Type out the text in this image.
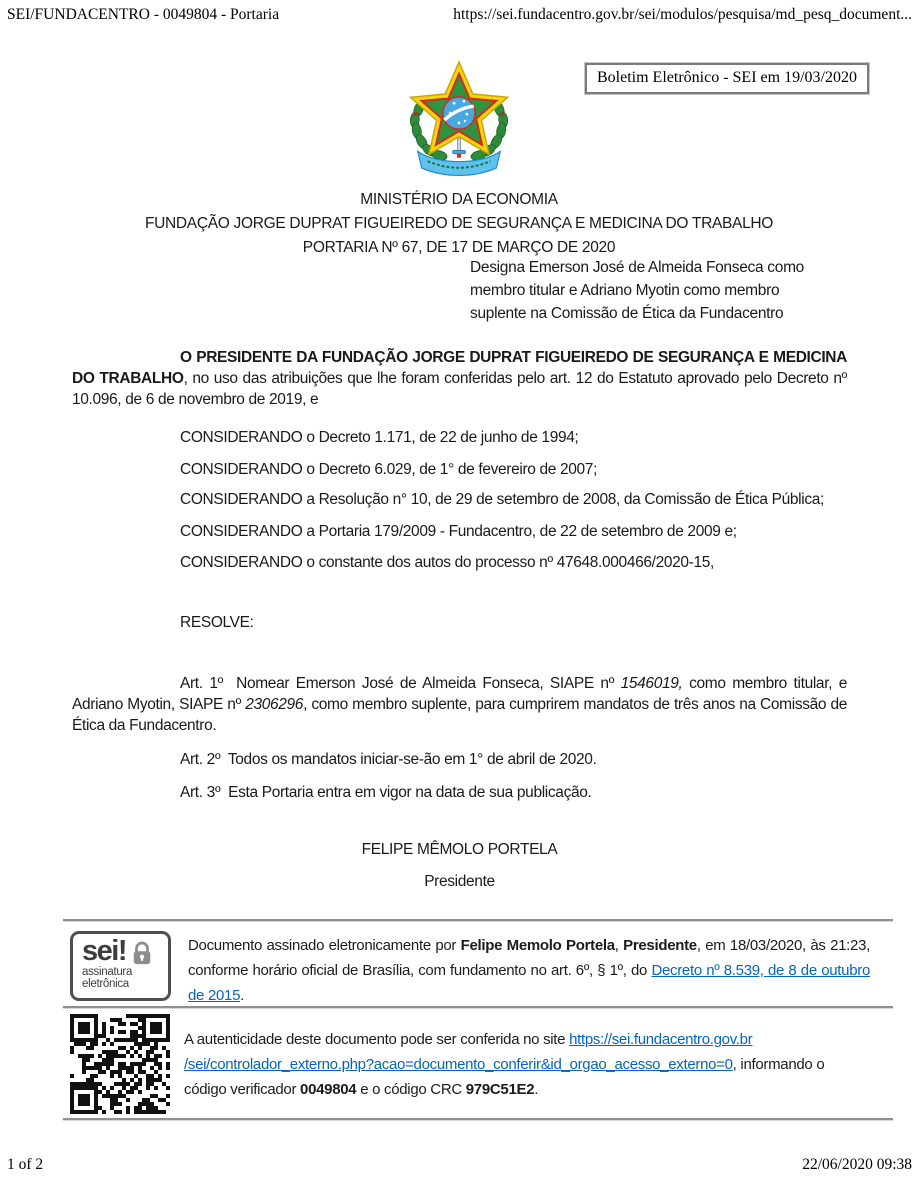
SEI/FUNDACENTRO - 0049804 - Portaria	https://sei.fundacentro.gov.br/sei/modulos/pesquisa/md_pesq_document...
Boletim Eletrônico - SEI em 19/03/2020
MINISTÉRIO DA ECONOMIA
FUNDAÇÃO JORGE DUPRAT FIGUEIREDO DE SEGURANÇA E MEDICINA DO TRABALHO
PORTARIA Nº 67, DE 17 DE MARÇO DE 2020
Designa Emerson José de Almeida Fonseca como membro titular e Adriano Myotin como membro suplente na Comissão de Ética da Fundacentro

O PRESIDENTE DA FUNDAÇÃO JORGE DUPRAT FIGUEIREDO DE SEGURANÇA E MEDICINA DO TRABALHO, no uso das atribuições que lhe foram conferidas pelo art. 12 do Estatuto aprovado pelo Decreto nº 10.096, de 6 de novembro de 2019, e

CONSIDERANDO o Decreto 1.171, de 22 de junho de 1994;

CONSIDERANDO o Decreto 6.029, de 1° de fevereiro de 2007;

CONSIDERANDO a Resolução n° 10, de 29 de setembro de 2008, da Comissão de Ética Pública;

CONSIDERANDO a Portaria 179/2009 - Fundacentro, de 22 de setembro de 2009 e;

CONSIDERANDO o constante dos autos do processo nº 47648.000466/2020-15,

RESOLVE:

Art. 1º  Nomear Emerson José de Almeida Fonseca, SIAPE nº 1546019, como membro titular, e Adriano Myotin, SIAPE nº 2306296, como membro suplente, para cumprirem mandatos de três anos na Comissão de Ética da Fundacentro.

Art. 2º  Todos os mandatos iniciar-se-ão em 1° de abril de 2020.

Art. 3º  Esta Portaria entra em vigor na data de sua publicação.

FELIPE MÊMOLO PORTELA

Presidente

sei!
assinatura
eletrônica

Documento assinado eletronicamente por Felipe Memolo Portela, Presidente, em 18/03/2020, às 21:23, conforme horário oficial de Brasília, com fundamento no art. 6º, § 1º, do Decreto nº 8.539, de 8 de outubro de 2015.

A autenticidade deste documento pode ser conferida no site https://sei.fundacentro.gov.br
/sei/controlador_externo.php?acao=documento_conferir&id_orgao_acesso_externo=0, informando o código verificador 0049804 e o código CRC 979C51E2.

1 of 2	22/06/2020 09:38
